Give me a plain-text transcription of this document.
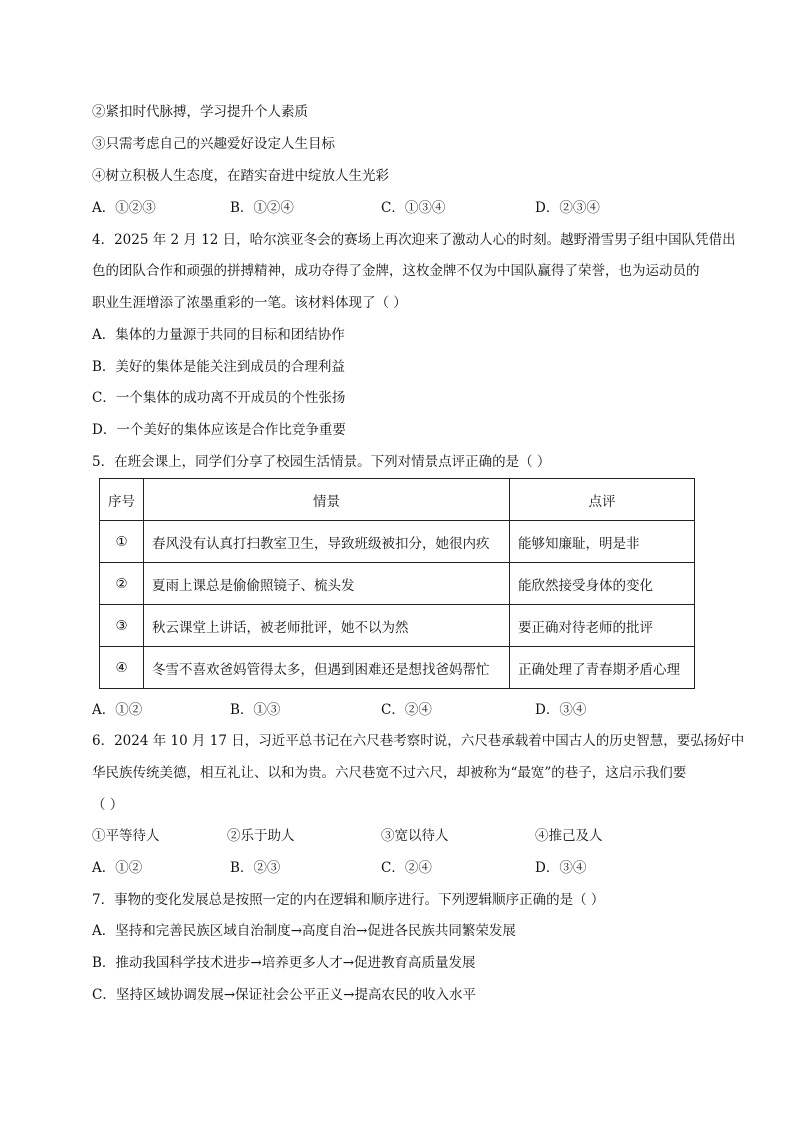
②紧扣时代脉搏，学习提升个人素质
③只需考虑自己的兴趣爱好设定人生目标
④树立积极人生态度，在踏实奋进中绽放人生光彩
A．①②③	B．①②④	C．①③④	D．②③④
4．2025 年 2 月 12 日，哈尔滨亚冬会的赛场上再次迎来了激动人心的时刻。越野滑雪男子组中国队凭借出
色的团队合作和顽强的拼搏精神，成功夺得了金牌，这枚金牌不仅为中国队赢得了荣誉，也为运动员的
职业生涯增添了浓墨重彩的一笔。该材料体现了（ ）
A．集体的力量源于共同的目标和团结协作
B．美好的集体是能关注到成员的合理利益
C．一个集体的成功离不开成员的个性张扬
D．一个美好的集体应该是合作比竞争重要
5．在班会课上，同学们分享了校园生活情景。下列对情景点评正确的是（ ）
序号	情景	点评
①	春风没有认真打扫教室卫生，导致班级被扣分，她很内疚	能够知廉耻，明是非
②	夏雨上课总是偷偷照镜子、梳头发	能欣然接受身体的变化
③	秋云课堂上讲话，被老师批评，她不以为然	要正确对待老师的批评
④	冬雪不喜欢爸妈管得太多，但遇到困难还是想找爸妈帮忙	正确处理了青春期矛盾心理
A．①②	B．①③	C．②④	D．③④
6．2024 年 10 月 17 日，习近平总书记在六尺巷考察时说，六尺巷承载着中国古人的历史智慧，要弘扬好中
华民族传统美德，相互礼让、以和为贵。六尺巷宽不过六尺，却被称为“最宽”的巷子，这启示我们要
（ ）
①平等待人	②乐于助人	③宽以待人	④推己及人
A．①②	B．②③	C．②④	D．③④
7．事物的变化发展总是按照一定的内在逻辑和顺序进行。下列逻辑顺序正确的是（ ）
A．坚持和完善民族区域自治制度→高度自治→促进各民族共同繁荣发展
B．推动我国科学技术进步→培养更多人才→促进教育高质量发展
C．坚持区域协调发展→保证社会公平正义→提高农民的收入水平
